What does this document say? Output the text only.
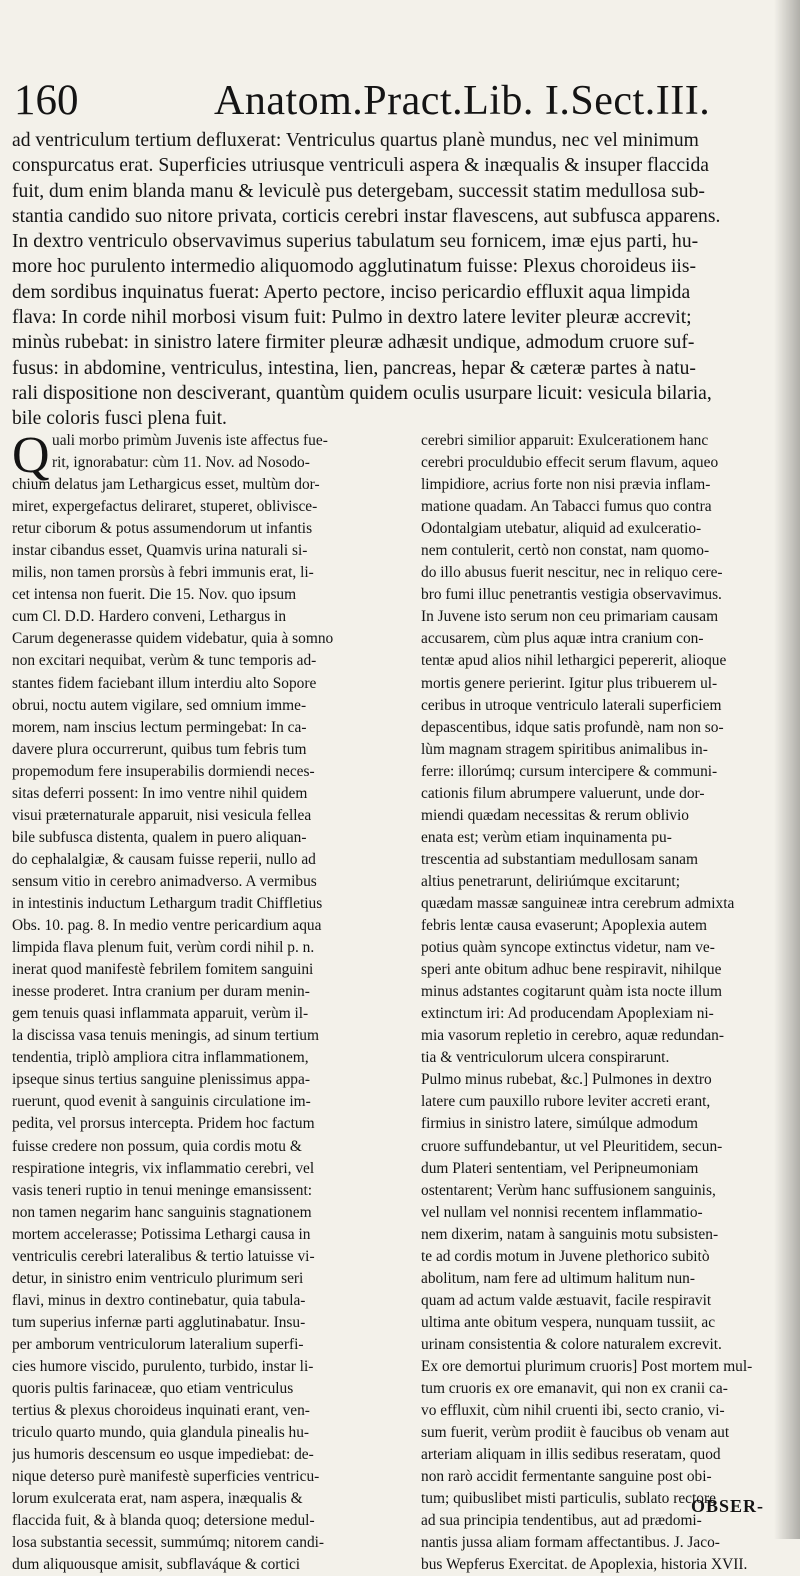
160	Anatom.Pract.Lib. I.Sect.III.
ad ventriculum tertium defluxerat: Ventriculus quartus planè mundus, nec vel minimum
conspurcatus erat. Superficies utriusque ventriculi aspera & inæqualis & insuper flaccida
fuit, dum enim blanda manu & leviculè pus detergebam, successit statim medullosa sub-
stantia candido suo nitore privata, corticis cerebri instar flavescens, aut subfusca apparens.
In dextro ventriculo observavimus superius tabulatum seu fornicem, imæ ejus parti, hu-
more hoc purulento intermedio aliquomodo agglutinatum fuisse: Plexus choroideus iis-
dem sordibus inquinatus fuerat: Aperto pectore, inciso pericardio effluxit aqua limpida
flava: In corde nihil morbosi visum fuit: Pulmo in dextro latere leviter pleuræ accrevit;
minùs rubebat: in sinistro latere firmiter pleuræ adhæsit undique, admodum cruore suf-
fusus: in abdomine, ventriculus, intestina, lien, pancreas, hepar & cæteræ partes à natu-
rali dispositione non desciverant, quantùm quidem oculis usurpare licuit: vesicula bilaria,
bile coloris fusci plena fuit.
Q uali morbo primùm Juvenis iste affectus fue-
rit, ignorabatur: cùm 11. Nov. ad Nosodo-
chium delatus jam Lethargicus esset, multùm dor-
miret, expergefactus deliraret, stuperet, oblivisce-
retur ciborum & potus assumendorum ut infantis
instar cibandus esset, Quamvis urina naturali si-
milis, non tamen prorsùs à febri immunis erat, li-
cet intensa non fuerit. Die 15. Nov. quo ipsum
cum Cl. D.D. Hardero conveni, Lethargus in
Carum degenerasse quidem videbatur, quia à somno
non excitari nequibat, verùm & tunc temporis ad-
stantes fidem faciebant illum interdiu alto Sopore
obrui, noctu autem vigilare, sed omnium imme-
morem, nam inscius lectum permingebat: In ca-
davere plura occurrerunt, quibus tum febris tum
propemodum fere insuperabilis dormiendi neces-
sitas deferri possent: In imo ventre nihil quidem
visui præternaturale apparuit, nisi vesicula fellea
bile subfusca distenta, qualem in puero aliquan-
do cephalalgiæ, & causam fuisse reperii, nullo ad
sensum vitio in cerebro animadverso. A vermibus
in intestinis inductum Lethargum tradit Chiffletius
Obs. 10. pag. 8. In medio ventre pericardium aqua
limpida flava plenum fuit, verùm cordi nihil p. n.
inerat quod manifestè febrilem fomitem sanguini
inesse proderet. Intra cranium per duram menin-
gem tenuis quasi inflammata apparuit, verùm il-
la discissa vasa tenuis meningis, ad sinum tertium
tendentia, triplò ampliora citra inflammationem,
ipseque sinus tertius sanguine plenissimus appa-
ruerunt, quod evenit à sanguinis circulatione im-
pedita, vel prorsus intercepta. Pridem hoc factum
fuisse credere non possum, quia cordis motu &
respiratione integris, vix inflammatio cerebri, vel
vasis teneri ruptio in tenui meninge emansissent:
non tamen negarim hanc sanguinis stagnationem
mortem accelerasse; Potissima Lethargi causa in
ventriculis cerebri lateralibus & tertio latuisse vi-
detur, in sinistro enim ventriculo plurimum seri
flavi, minus in dextro continebatur, quia tabula-
tum superius infernæ parti agglutinabatur. Insu-
per amborum ventriculorum lateralium superfi-
cies humore viscido, purulento, turbido, instar li-
quoris pultis farinaceæ, quo etiam ventriculus
tertius & plexus choroideus inquinati erant, ven-
triculo quarto mundo, quia glandula pinealis hu-
jus humoris descensum eo usque impediebat: de-
nique deterso purè manifestè superficies ventricu-
lorum exulcerata erat, nam aspera, inæqualis &
flaccida fuit, & à blanda quoq; detersione medul-
losa substantia secessit, summúmq; nitorem candi-
dum aliquousque amisit, subflaváque & cortici
cerebri similior apparuit: Exulcerationem hanc
cerebri proculdubio effecit serum flavum, aqueo
limpidiore, acrius forte non nisi prævia inflam-
matione quadam. An Tabacci fumus quo contra
Odontalgiam utebatur, aliquid ad exulceratio-
nem contulerit, certò non constat, nam quomo-
do illo abusus fuerit nescitur, nec in reliquo cere-
bro fumi illuc penetrantis vestigia observavimus.
In Juvene isto serum non ceu primariam causam
accusarem, cùm plus aquæ intra cranium con-
tentæ apud alios nihil lethargici pepererit, alioque
mortis genere perierint. Igitur plus tribuerem ul-
ceribus in utroque ventriculo laterali superficiem
depascentibus, idque satis profundè, nam non so-
lùm magnam stragem spiritibus animalibus in-
ferre: illorúmq; cursum intercipere & communi-
cationis filum abrumpere valuerunt, unde dor-
miendi quædam necessitas & rerum oblivio
enata est; verùm etiam inquinamenta pu-
trescentia ad substantiam medullosam sanam
altius penetrarunt, deliriúmque excitarunt;
quædam massæ sanguineæ intra cerebrum admixta
febris lentæ causa evaserunt; Apoplexia autem
potius quàm syncope extinctus videtur, nam ve-
speri ante obitum adhuc bene respiravit, nihilque
minus adstantes cogitarunt quàm ista nocte illum
extinctum iri: Ad producendam Apoplexiam ni-
mia vasorum repletio in cerebro, aquæ redundan-
tia & ventriculorum ulcera conspirarunt.
Pulmo minus rubebat, &c.] Pulmones in dextro
latere cum pauxillo rubore leviter accreti erant,
firmius in sinistro latere, simúlque admodum
cruore suffundebantur, ut vel Pleuritidem, secun-
dum Plateri sententiam, vel Peripneumoniam
ostentarent; Verùm hanc suffusionem sanguinis,
vel nullam vel nonnisi recentem inflammatio-
nem dixerim, natam à sanguinis motu subsisten-
te ad cordis motum in Juvene plethorico subitò
abolitum, nam fere ad ultimum halitum nun-
quam ad actum valde æstuavit, facile respiravit
ultima ante obitum vespera, nunquam tussiit, ac
urinam consistentia & colore naturalem excrevit.
Ex ore demortui plurimum cruoris] Post mortem mul-
tum cruoris ex ore emanavit, qui non ex cranii ca-
vo effluxit, cùm nihil cruenti ibi, secto cranio, vi-
sum fuerit, verùm prodiit è faucibus ob venam aut
arteriam aliquam in illis sedibus reseratam, quod
non rarò accidit fermentante sanguine post obi-
tum; quibuslibet misti particulis, sublato rectore
ad sua principia tendentibus, aut ad prædomi-
nantis jussa aliam formam affectantibus. J. Jaco-
bus Wepferus Exercitat. de Apoplexia, historia XVII.
OBSER-
